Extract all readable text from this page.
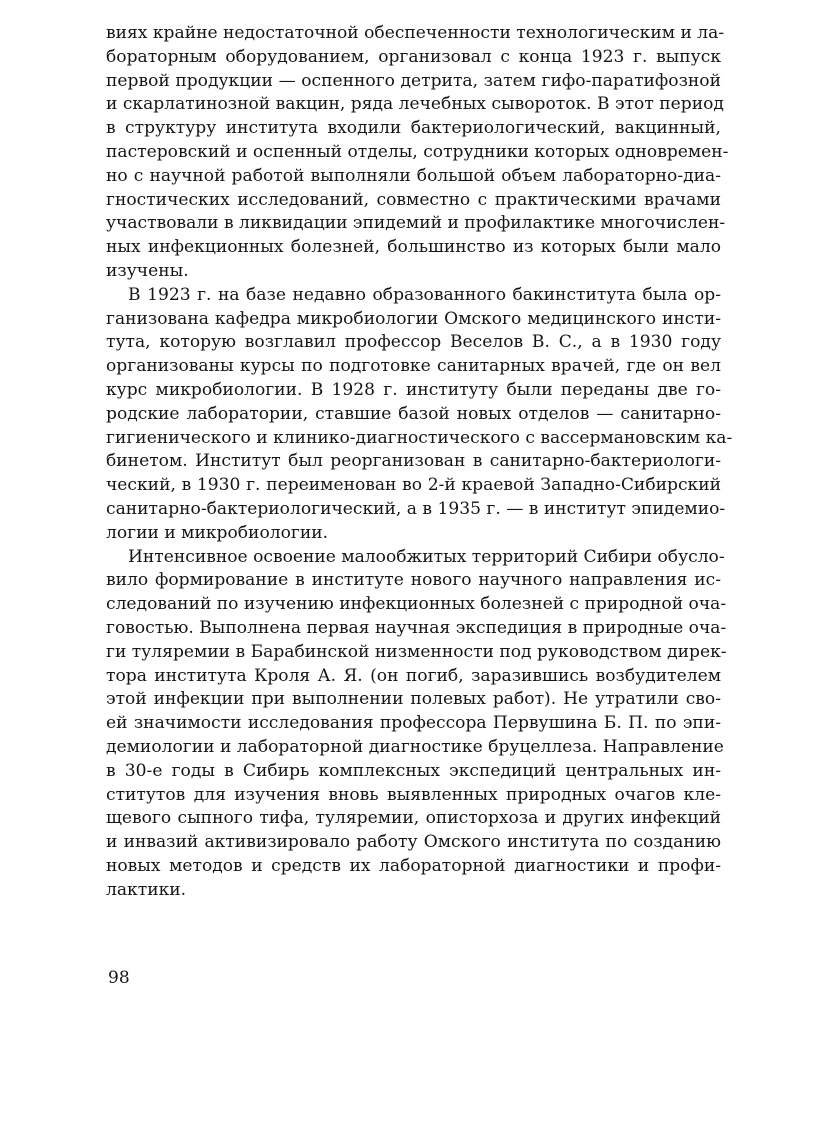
виях крайне недостаточной обеспеченности технологическим и ла-
бораторным оборудованием, организовал с конца 1923 г. выпуск
первой продукции — оспенного детрита, затем гифо-паратифозной
и скарлатинозной вакцин, ряда лечебных сывороток. В этот период
в структуру института входили бактериологический, вакцинный,
пастеровский и оспенный отделы, сотрудники которых одновремен-
но с научной работой выполняли большой объем лабораторно-диа-
гностических исследований, совместно с практическими врачами
участвовали в ликвидации эпидемий и профилактике многочислен-
ных инфекционных болезней, большинство из которых были мало
изучены.
В 1923 г. на базе недавно образованного бакинститута была ор-
ганизована кафедра микробиологии Омского медицинского инсти-
тута, которую возглавил профессор Веселов В. С., а в 1930 году
организованы курсы по подготовке санитарных врачей, где он вел
курс микробиологии. В 1928 г. институту были переданы две го-
родские лаборатории, ставшие базой новых отделов — санитарно-
гигиенического и клинико-диагностического с вассермановским ка-
бинетом. Институт был реорганизован в санитарно-бактериологи-
ческий, в 1930 г. переименован во 2-й краевой Западно-Сибирский
санитарно-бактериологический, а в 1935 г. — в институт эпидемио-
логии и микробиологии.
Интенсивное освоение малообжитых территорий Сибири обусло-
вило формирование в институте нового научного направления ис-
следований по изучению инфекционных болезней с природной оча-
говостью. Выполнена первая научная экспедиция в природные оча-
ги туляремии в Барабинской низменности под руководством дирек-
тора института Кроля А. Я. (он погиб, заразившись возбудителем
этой инфекции при выполнении полевых работ). Не утратили сво-
ей значимости исследования профессора Первушина Б. П. по эпи-
демиологии и лабораторной диагностике бруцеллеза. Направление
в 30-е годы в Сибирь комплексных экспедиций центральных ин-
ститутов для изучения вновь выявленных природных очагов кле-
щевого сыпного тифа, туляремии, описторхоза и других инфекций
и инвазий активизировало работу Омского института по созданию
новых методов и средств их лабораторной диагностики и профи-
лактики.
98
